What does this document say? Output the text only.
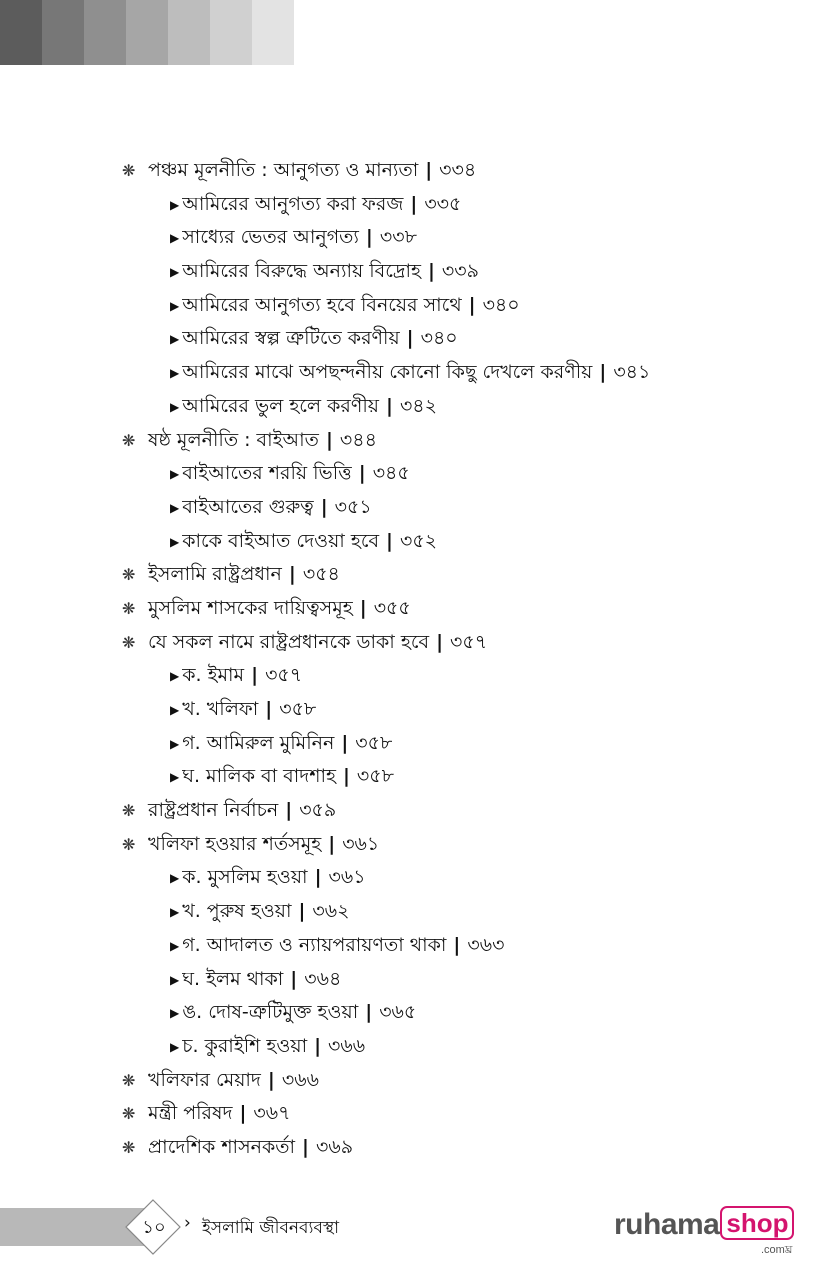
❋ পঞ্চম মূলনীতি : আনুগত্য ও মান্যতা | ৩৩৪
▶ আমিরের আনুগত্য করা ফরজ | ৩৩৫
▶ সাধ্যের ভেতর আনুগত্য | ৩৩৮
▶ আমিরের বিরুদ্ধে অন্যায় বিদ্রোহ | ৩৩৯
▶ আমিরের আনুগত্য হবে বিনয়ের সাথে | ৩৪০
▶ আমিরের স্বল্প ত্রুটিতে করণীয় | ৩৪০
▶ আমিরের মাঝে অপছন্দনীয় কোনো কিছু দেখলে করণীয় | ৩৪১
▶ আমিরের ভুল হলে করণীয় | ৩৪২
❋ ষষ্ঠ মূলনীতি : বাইআত | ৩৪৪
▶ বাইআতের শরয়ি ভিত্তি | ৩৪৫
▶ বাইআতের গুরুত্ব | ৩৫১
▶ কাকে বাইআত দেওয়া হবে | ৩৫২
❋ ইসলামি রাষ্ট্রপ্রধান | ৩৫৪
❋ মুসলিম শাসকের দায়িত্বসমূহ | ৩৫৫
❋ যে সকল নামে রাষ্ট্রপ্রধানকে ডাকা হবে | ৩৫৭
▶ ক. ইমাম | ৩৫৭
▶ খ. খলিফা | ৩৫৮
▶ গ. আমিরুল মুমিনিন | ৩৫৮
▶ ঘ. মালিক বা বাদশাহ | ৩৫৮
❋ রাষ্ট্রপ্রধান নির্বাচন | ৩৫৯
❋ খলিফা হওয়ার শর্তসমূহ | ৩৬১
▶ ক. মুসলিম হওয়া | ৩৬১
▶ খ. পুরুষ হওয়া | ৩৬২
▶ গ. আদালত ও ন্যায়পরায়ণতা থাকা | ৩৬৩
▶ ঘ. ইলম থাকা | ৩৬৪
▶ ঙ. দোষ-ত্রুটিমুক্ত হওয়া | ৩৬৫
▶ চ. কুরাইশি হওয়া | ৩৬৬
❋ খলিফার মেয়াদ | ৩৬৬
❋ মন্ত্রী পরিষদ | ৩৬৭
❋ প্রাদেশিক শাসনকর্তা | ৩৬৯
১০	› ইসলামি জীবনব্যবস্থা	ruhama shop
.comঘ্র
